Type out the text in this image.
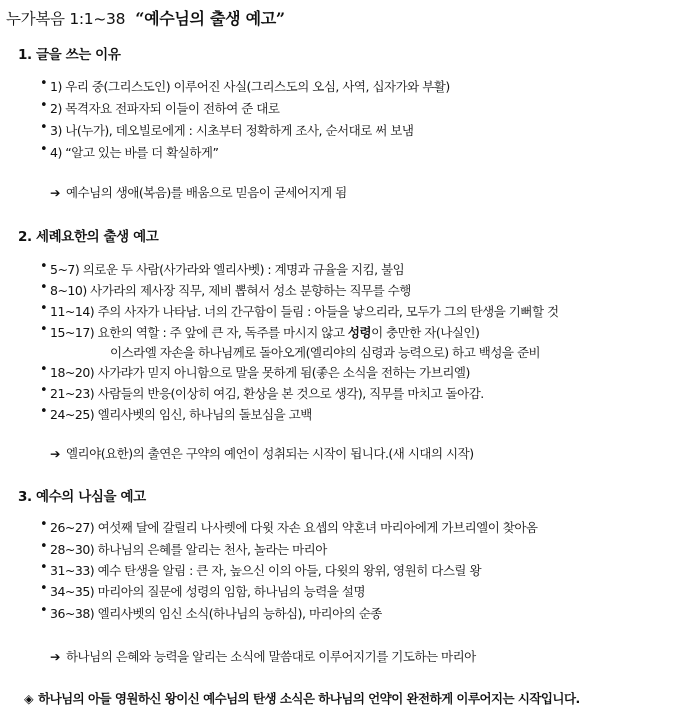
누가복음 1:1~38 “예수님의 출생 예고”
1. 글을 쓰는 이유
• 1) 우리 중(그리스도인) 이루어진 사실(그리스도의 오심, 사역, 십자가와 부활)
• 2) 목격자요 전파자되 이들이 전하여 준 대로
• 3) 나(누가), 데오빌로에게 : 시초부터 정확하게 조사, 순서대로 써 보냄
• 4) “알고 있는 바를 더 확실하게”
➔ 예수님의 생애(복음)를 배움으로 믿음이 굳세어지게 됨
2. 세례요한의 출생 예고
• 5~7) 의로운 두 사람(사가라와 엘리사벳) : 계명과 규율을 지킴, 불임
• 8~10) 사가라의 제사장 직무, 제비 뽑혀서 성소 분향하는 직무를 수행
• 11~14) 주의 사자가 나타남. 너의 간구함이 들림 : 아들을 낳으리라, 모두가 그의 탄생을 기뻐할 것
• 15~17) 요한의 역할 : 주 앞에 큰 자, 독주를 마시지 않고 성령이 충만한 자(나실인)
이스라엘 자손을 하나님께로 돌아오게(엘리야의 심령과 능력으로) 하고 백성을 준비
• 18~20) 사가랴가 믿지 아니함으로 말을 못하게 됨(좋은 소식을 전하는 가브리엘)
• 21~23) 사람들의 반응(이상히 여김, 환상을 본 것으로 생각), 직무를 마치고 돌아감.
• 24~25) 엘리사벳의 임신, 하나님의 돌보심을 고백
➔ 엘리야(요한)의 출연은 구약의 예언이 성취되는 시작이 됩니다.(새 시대의 시작)
3. 예수의 나심을 예고
• 26~27) 여섯째 달에 갈릴리 나사렛에 다윗 자손 요셉의 약혼녀 마리아에게 가브리엘이 찾아옴
• 28~30) 하나님의 은혜를 알리는 천사, 놀라는 마리아
• 31~33) 예수 탄생을 알림 : 큰 자, 높으신 이의 아들, 다윗의 왕위, 영원히 다스릴 왕
• 34~35) 마리아의 질문에 성령의 임함, 하나님의 능력을 설명
• 36~38) 엘리사벳의 임신 소식(하나님의 능하심), 마리아의 순종
➔ 하나님의 은혜와 능력을 알리는 소식에 말씀대로 이루어지기를 기도하는 마리아
◈ 하나님의 아들 영원하신 왕이신 예수님의 탄생 소식은 하나님의 언약이 완전하게 이루어지는 시작입니다.
